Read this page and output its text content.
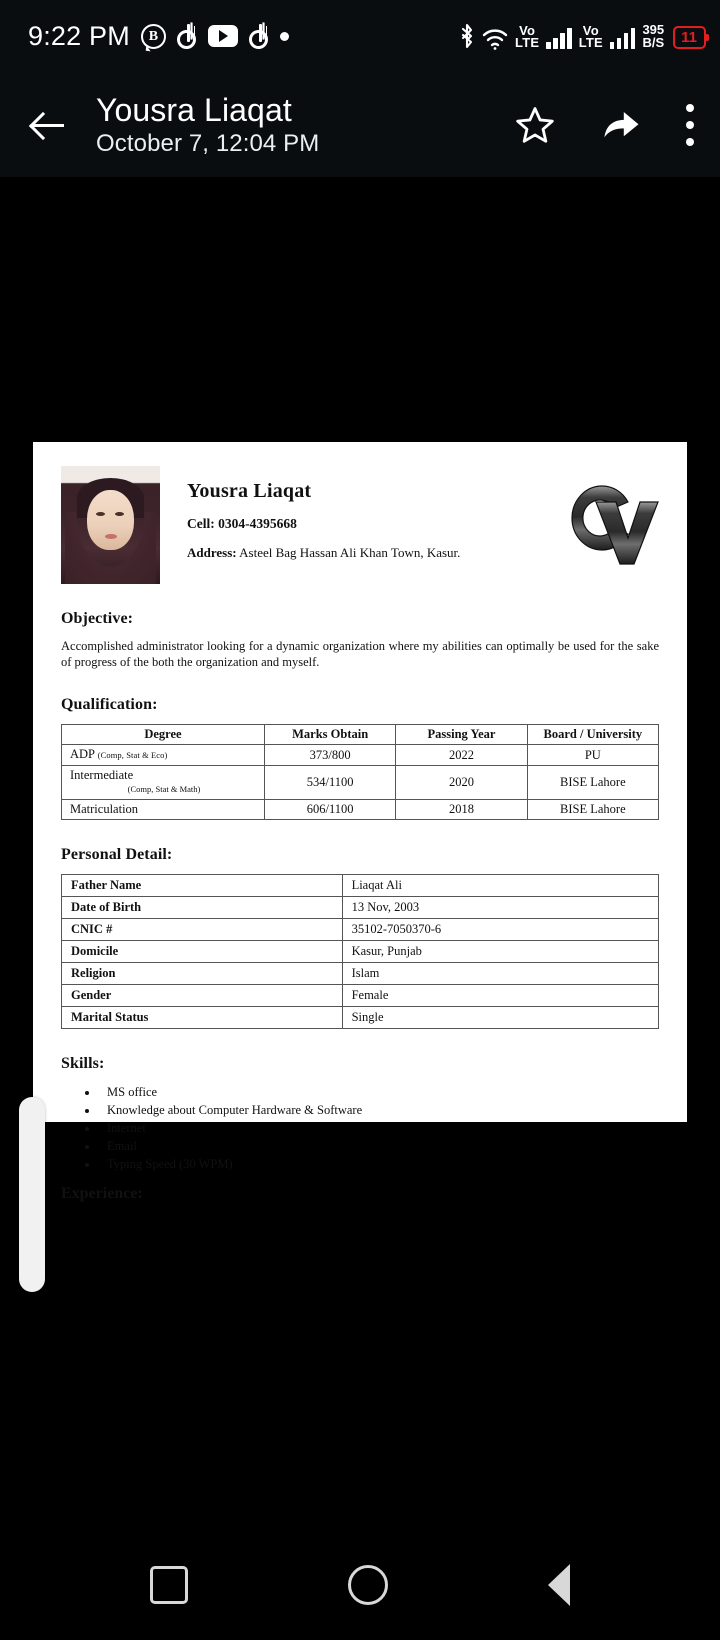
9:22 PM	B	Vo
LTE
Vo
LTE
395
B/S	11
Yousra Liaqat
October 7, 12:04 PM
Yousra Liaqat
Cell: 0304-4395668
Address: Asteel Bag Hassan Ali Khan Town, Kasur.
Objective:
Accomplished administrator looking for a dynamic organization where my abilities can optimally be used for the sake of progress of the both the organization and myself.
Qualification:
Degree	Marks Obtain	Passing Year	Board / University
ADP (Comp, Stat & Eco)	373/800	2022	PU
Intermediate
(Comp, Stat & Math)	534/1100	2020	BISE Lahore
Matriculation	606/1100	2018	BISE Lahore
Personal Detail:
Father Name	Liaqat Ali
Date of Birth	13 Nov, 2003
CNIC #	35102-7050370-6
Domicile	Kasur, Punjab
Religion	Islam
Gender	Female
Marital Status	Single
Skills:
• MS office
• Knowledge about Computer Hardware & Software
• Internet
• Email
• Typing Speed (30 WPM)
Experience:
